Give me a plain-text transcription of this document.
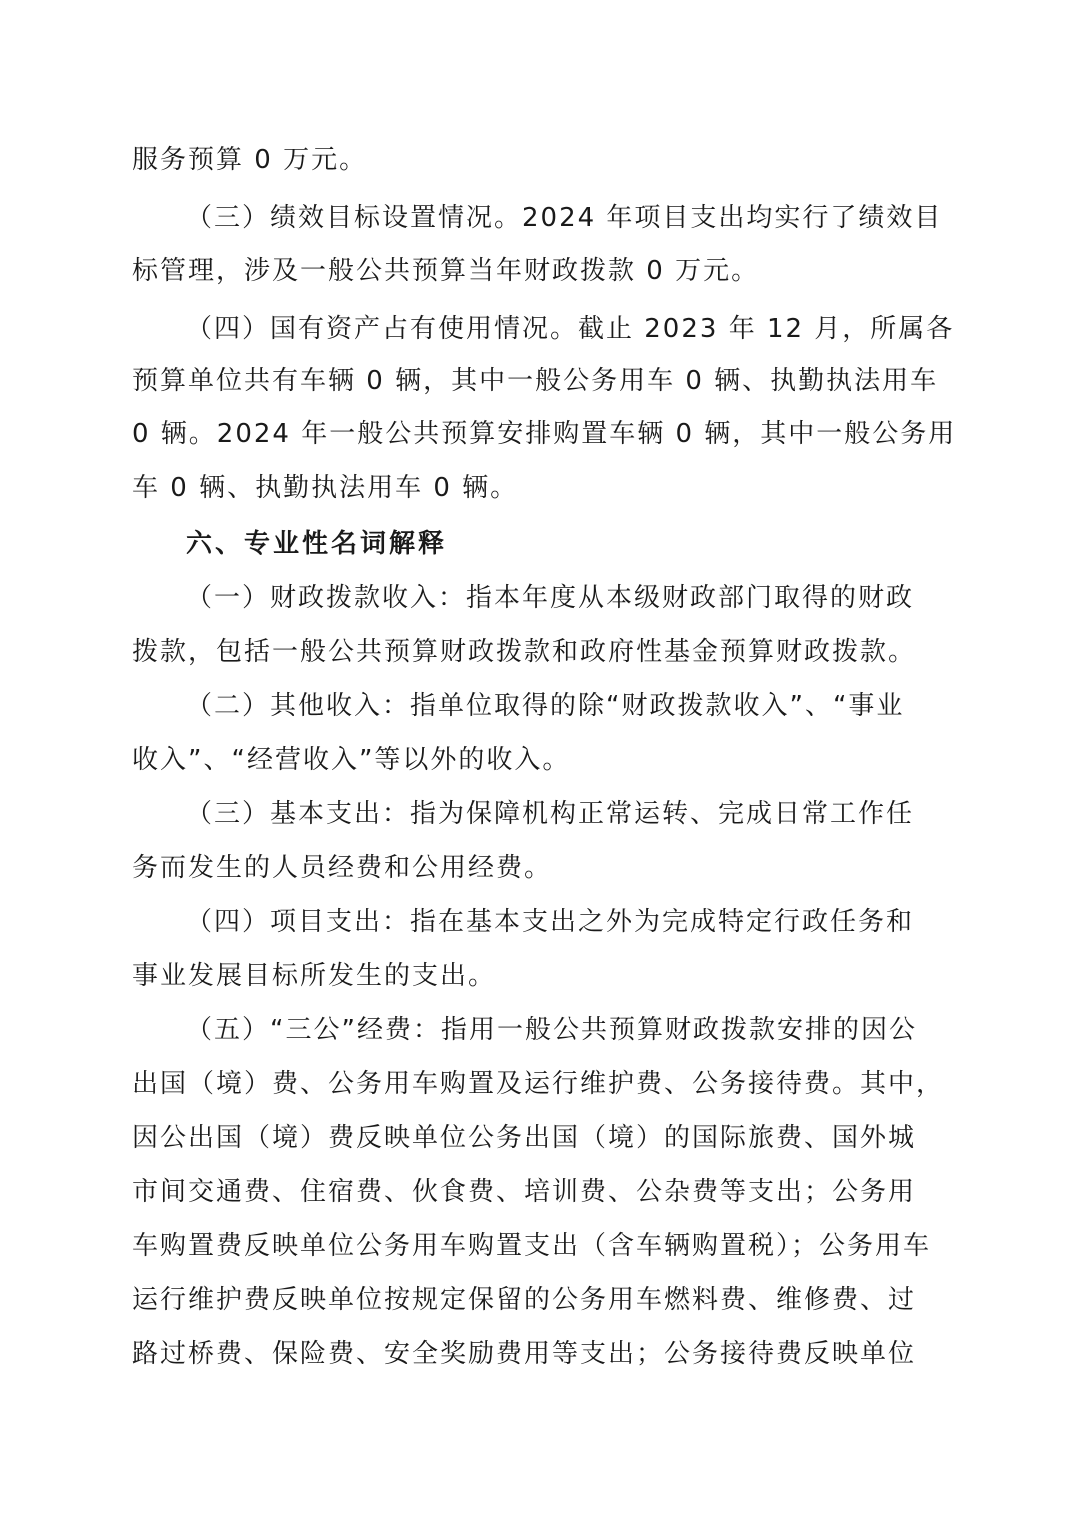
服务预算 0 万元。
（三）绩效目标设置情况。2024 年项目支出均实行了绩效目
标管理，涉及一般公共预算当年财政拨款 0 万元。
（四）国有资产占有使用情况。截止 2023 年 12 月，所属各
预算单位共有车辆 0 辆，其中一般公务用车 0 辆、执勤执法用车
0 辆。2024 年一般公共预算安排购置车辆 0 辆，其中一般公务用
车 0 辆、执勤执法用车 0 辆。
六、专业性名词解释
（一）财政拨款收入：指本年度从本级财政部门取得的财政
拨款，包括一般公共预算财政拨款和政府性基金预算财政拨款。
（二）其他收入：指单位取得的除“财政拨款收入”、“事业
收入”、“经营收入”等以外的收入。
（三）基本支出：指为保障机构正常运转、完成日常工作任
务而发生的人员经费和公用经费。
（四）项目支出：指在基本支出之外为完成特定行政任务和
事业发展目标所发生的支出。
（五）“三公”经费：指用一般公共预算财政拨款安排的因公
出国（境）费、公务用车购置及运行维护费、公务接待费。其中，
因公出国（境）费反映单位公务出国（境）的国际旅费、国外城
市间交通费、住宿费、伙食费、培训费、公杂费等支出；公务用
车购置费反映单位公务用车购置支出（含车辆购置税）；公务用车
运行维护费反映单位按规定保留的公务用车燃料费、维修费、过
路过桥费、保险费、安全奖励费用等支出；公务接待费反映单位
